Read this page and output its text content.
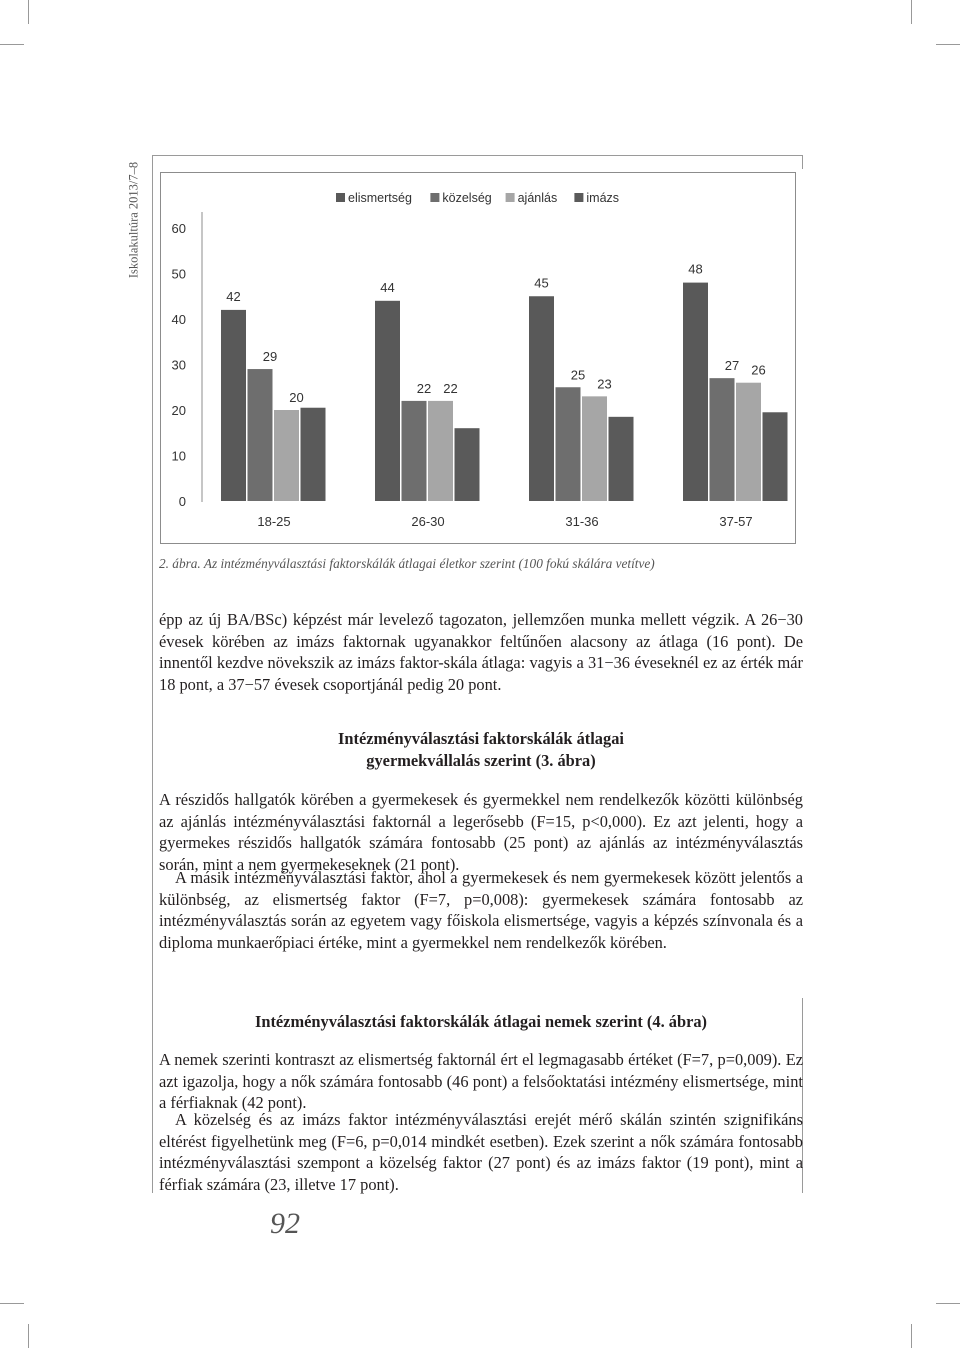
Iskolakultúra 2013/7–8
0
10
20
30
40
50
60
42
29
20
44
22 22
45
25
23
48
27 26
18-25	26-30	31-36	37-57
elismertség közelség ajánlás imázs
2. ábra. Az intézményválasztási faktorskálák átlagai életkor szerint (100 fokú skálára vetítve)
épp az új BA/BSc) képzést már levelező tagozaton, jellemzően munka mellett végzik. A 26−30 évesek körében az imázs faktornak ugyanakkor feltűnően alacsony az átlaga (16 pont). De innentől kezdve növekszik az imázs faktor-skála átlaga: vagyis a 31−36 éveseknél ez az érték már 18 pont, a 37−57 évesek csoportjánál pedig 20 pont.
Intézményválasztási faktorskálák átlagai
gyermekvállalás szerint (3. ábra)
A részidős hallgatók körében a gyermekesek és gyermekkel nem rendelkezők közötti különbség az ajánlás intézményválasztási faktornál a legerősebb (F=15, p<0,000). Ez azt jelenti, hogy a gyermekes részidős hallgatók számára fontosabb (25 pont) az ajánlás az intézményválasztás során, mint a nem gyermekeseknek (21 pont).
A másik intézményválasztási faktor, ahol a gyermekesek és nem gyermekesek között jelentős a különbség, az elismertség faktor (F=7, p=0,008): gyermekesek számára fontosabb az intézményválasztás során az egyetem vagy főiskola elismertsége, vagyis a képzés színvonala és a diploma munkaerőpiaci értéke, mint a gyermekkel nem rendelkezők körében.
Intézményválasztási faktorskálák átlagai nemek szerint (4. ábra)
A nemek szerinti kontraszt az elismertség faktornál ért el legmagasabb értéket (F=7, p=0,009). Ez azt igazolja, hogy a nők számára fontosabb (46 pont) a felsőoktatási intézmény elismertsége, mint a férfiaknak (42 pont).
A közelség és az imázs faktor intézményválasztási erejét mérő skálán szintén szignifikáns eltérést figyelhetünk meg (F=6, p=0,014 mindkét esetben). Ezek szerint a nők számára fontosabb intézményválasztási szempont a közelség faktor (27 pont) és az imázs faktor (19 pont), mint a férfiak számára (23, illetve 17 pont).
92
